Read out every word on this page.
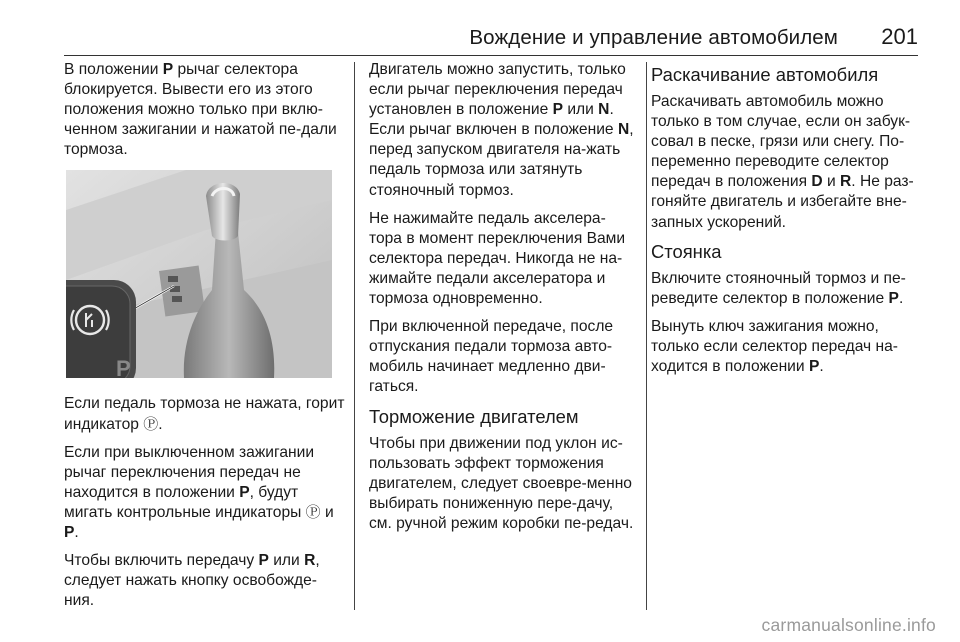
Вождение и управление автомобилем 201

В положении P рычаг селектора блокируется. Вывести его из этого положения можно только при вклю-ченном зажигании и нажатой пе-дали тормоза.

P

Если педаль тормоза не нажата, горит индикатор Ⓟ.

Если при выключенном зажигании рычаг переключения передач не находится в положении P, будут мигать контрольные индикаторы Ⓟ и P.

Чтобы включить передачу P или R, следует нажать кнопку освобожде-ния.

Двигатель можно запустить, только если рычаг переключения передач установлен в положение P или N. Если рычаг включен в положение N, перед запуском двигателя на-жать педаль тормоза или затянуть стояночный тормоз.

Не нажимайте педаль акселера-тора в момент переключения Вами селектора передач. Никогда не на-жимайте педали акселератора и тормоза одновременно.

При включенной передаче, после отпускания педали тормоза авто-мобиль начинает медленно дви-гаться.

Торможение двигателем

Чтобы при движении под уклон ис-пользовать эффект торможения двигателем, следует своевре-менно выбирать пониженную пере-дачу, см. ручной режим коробки пе-редач.

Раскачивание автомобиля

Раскачивать автомобиль можно только в том случае, если он забук-совал в песке, грязи или снегу. По-переменно переводите селектор передач в положения D и R. Не раз-гоняйте двигатель и избегайте вне-запных ускорений.

Стоянка

Включите стояночный тормоз и пе-реведите селектор в положение P.

Вынуть ключ зажигания можно, только если селектор передач на-ходится в положении P.

carmanualsonline.info
